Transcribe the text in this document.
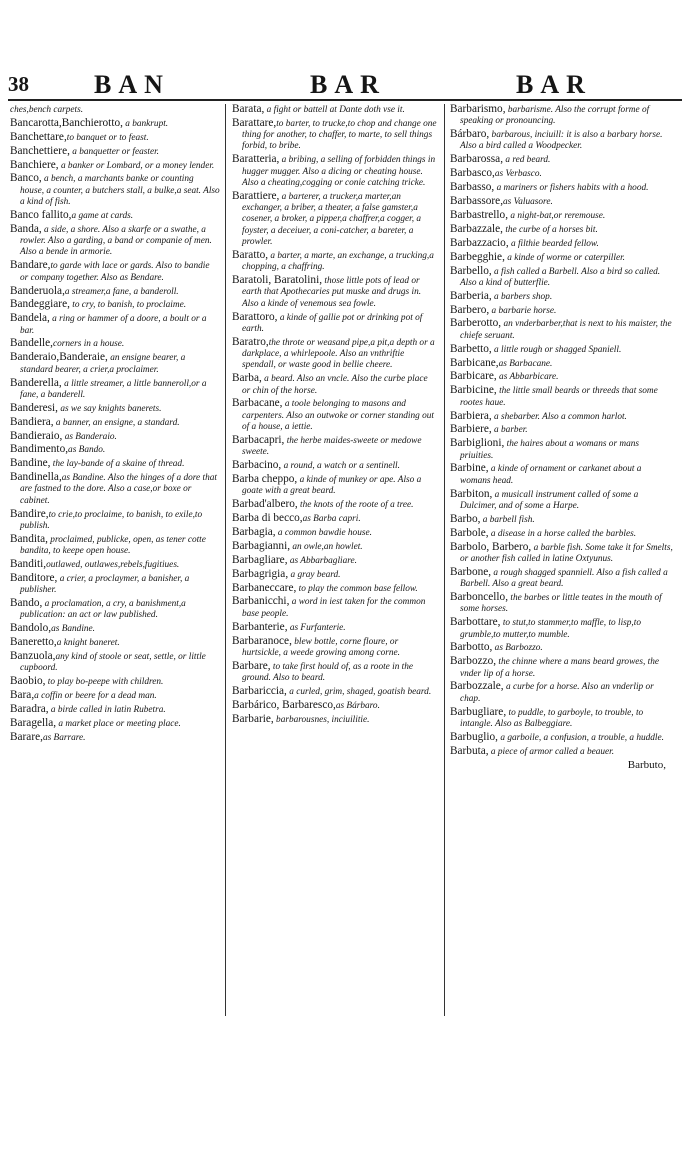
38	BAN	BAR	BAR
ches,bench carpets.
Bancarotta,Banchierotto, a bankrupt.
Banchettare,to banquet or to feast.
Banchettiere, a banquetter or feaster.
Banchiere, a banker or Lombard, or a money lender.
Banco, a bench, a marchants banke or counting house, a counter, a butchers stall, a bulke,a seat. Also a kind of fish.
Banco fallito,a game at cards.
Banda, a side, a shore. Also a skarfe or a swathe, a rowler. Also a garding, a band or companie of men. Also a bende in armorie.
Bandare,to garde with lace or gards. Also to bandie or company together. Also as Bendare.
Banderuola,a streamer,a fane, a banderoll.
Bandeggiare, to cry, to banish, to proclaime.
Bandela, a ring or hammer of a doore, a boult or a bar.
Bandelle,corners in a house.
Banderaio,Banderaie, an ensigne bearer, a standard bearer, a crier,a proclaimer.
Banderella, a little streamer, a little banneroll,or a fane, a banderell.
Banderesi, as we say knights banerets.
Bandiera, a banner, an ensigne, a standard.
Bandieraio, as Banderaio.
Bandimento,as Bando.
Bandine, the lay-bande of a skaine of thread.
Bandinella,as Bandine. Also the hinges of a dore that are fastned to the dore. Also a case,or boxe or cabinet.
Bandire,to crie,to proclaime, to banish, to exile,to publish.
Bandita, proclaimed, publicke, open, as tener cotte bandita, to keepe open house.
Banditi,outlawed, outlawes,rebels,fugitiues.
Banditore, a crier, a proclaymer, a banisher, a publisher.
Bando, a proclamation, a cry, a banishment,a publication: an act or law published.
Bandolo,as Bandine.
Baneretto,a knight baneret.
Banzuola,any kind of stoole or seat, settle, or little cupboord.
Baobio, to play bo-peepe with children.
Bara,a coffin or beere for a dead man.
Baradra, a birde called in latin Rubetra.
Baragella, a market place or meeting place.
Barare,as Barrare.
Barata, a fight or battell at Dante doth vse it.
Barattare,to barter, to trucke,to chop and change one thing for another, to chaffer, to marte, to sell things forbid, to bribe.
Baratteria, a bribing, a selling of forbidden things in hugger mugger. Also a dicing or cheating house. Also a cheating,cogging or conie catching tricke.
Barattiere, a barterer, a trucker,a marter,an exchanger, a briber, a theater, a false gamster,a cosener, a broker, a pipper,a chaffrer,a cogger, a foyster, a deceiuer, a coni-catcher, a bareter, a prowler.
Baratto, a barter, a marte, an exchange, a trucking,a chopping, a chaffring.
Baratoli, Baratolini, those little pots of lead or earth that Apothecaries put muske and drugs in. Also a kinde of venemous sea fowle.
Barattoro, a kinde of gallie pot or drinking pot of earth.
Baratro,the throte or weasand pipe,a pit,a depth or a darkplace, a whirlepoole. Also an vnthriftie spendall, or waste good in bellie cheere.
Barba, a beard. Also an vncle. Also the curbe place or chin of the horse.
Barbacane, a toole belonging to masons and carpenters. Also an outwoke or corner standing out of a house, a iettie.
Barbacapri, the herbe maides-sweete or medowe sweete.
Barbacino, a round, a watch or a sentinell.
Barba cheppo, a kinde of munkey or ape. Also a goate with a great beard.
Barbad'albero, the knots of the roote of a tree.
Barba di becco,as Barba capri.
Barbagia, a common bawdie house.
Barbagianni, an owle,an howlet.
Barbagliare, as Abbarbagliare.
Barbagrigia, a gray beard.
Barbaneccare, to play the common base fellow.
Barbanicchi, a word in iest taken for the common base people.
Barbanterie, as Furfanterie.
Barbaranoce, blew bottle, corne floure, or hurtsickle, a weede growing among corne.
Barbare, to take first hould of, as a roote in the ground. Also to beard.
Barbariccia, a curled, grim, shaged, goatish beard.
Barbárico, Barbaresco,as Bárbaro.
Barbarie, barbarousnes, inciuilitie.
Barbarismo, barbarisme. Also the corrupt forme of speaking or pronouncing.
Bárbaro, barbarous, inciuill: it is also a barbary horse. Also a bird called a Woodpecker.
Barbarossa, a red beard.
Barbasco,as Verbasco.
Barbasso, a mariners or fishers habits with a hood.
Barbassore,as Valuasore.
Barbastrello, a night-bat,or reremouse.
Barbazzale, the curbe of a horses bit.
Barbazzacio, a filthie bearded fellow.
Barbegghie, a kinde of worme or caterpiller.
Barbello, a fish called a Barbell. Also a bird so called. Also a kind of butterflie.
Barberia, a barbers shop.
Barbero, a barbarie horse.
Barberotto, an vnderbarber,that is next to his maister, the chiefe seruant.
Barbetto, a little rough or shagged Spaniell.
Barbicane,as Barbacane.
Barbicare, as Abbarbicare.
Barbicine, the little small beards or threeds that some rootes haue.
Barbiera, a shebarber. Also a common harlot.
Barbiere, a barber.
Barbiglioni, the haires about a womans or mans priuities.
Barbine, a kinde of ornament or carkanet about a womans head.
Barbiton, a musicall instrument called of some a Dulcimer, and of some a Harpe.
Barbo, a barbell fish.
Barbole, a disease in a horse called the barbles.
Barbolo, Barbero, a barble fish. Some take it for Smelts, or another fish called in latine Oxtyunus.
Barbone, a rough shagged spanniell. Also a fish called a Barbell. Also a great beard.
Barboncello, the barbes or little teates in the mouth of some horses.
Barbottare, to stut,to stammer,to maffle, to lisp,to grumble,to mutter,to mumble.
Barbotto, as Barbozzo.
Barbozzo, the chinne where a mans beard growes, the vnder lip of a horse.
Barbozzale, a curbe for a horse. Also an vnderlip or chap.
Barbugliare, to puddle, to garboyle, to trouble, to intangle. Also as Balbeggiare.
Barbuglio, a garboile, a confusion, a trouble, a huddle.
Barbuta, a piece of armor called a beauer.
Barbuto,
